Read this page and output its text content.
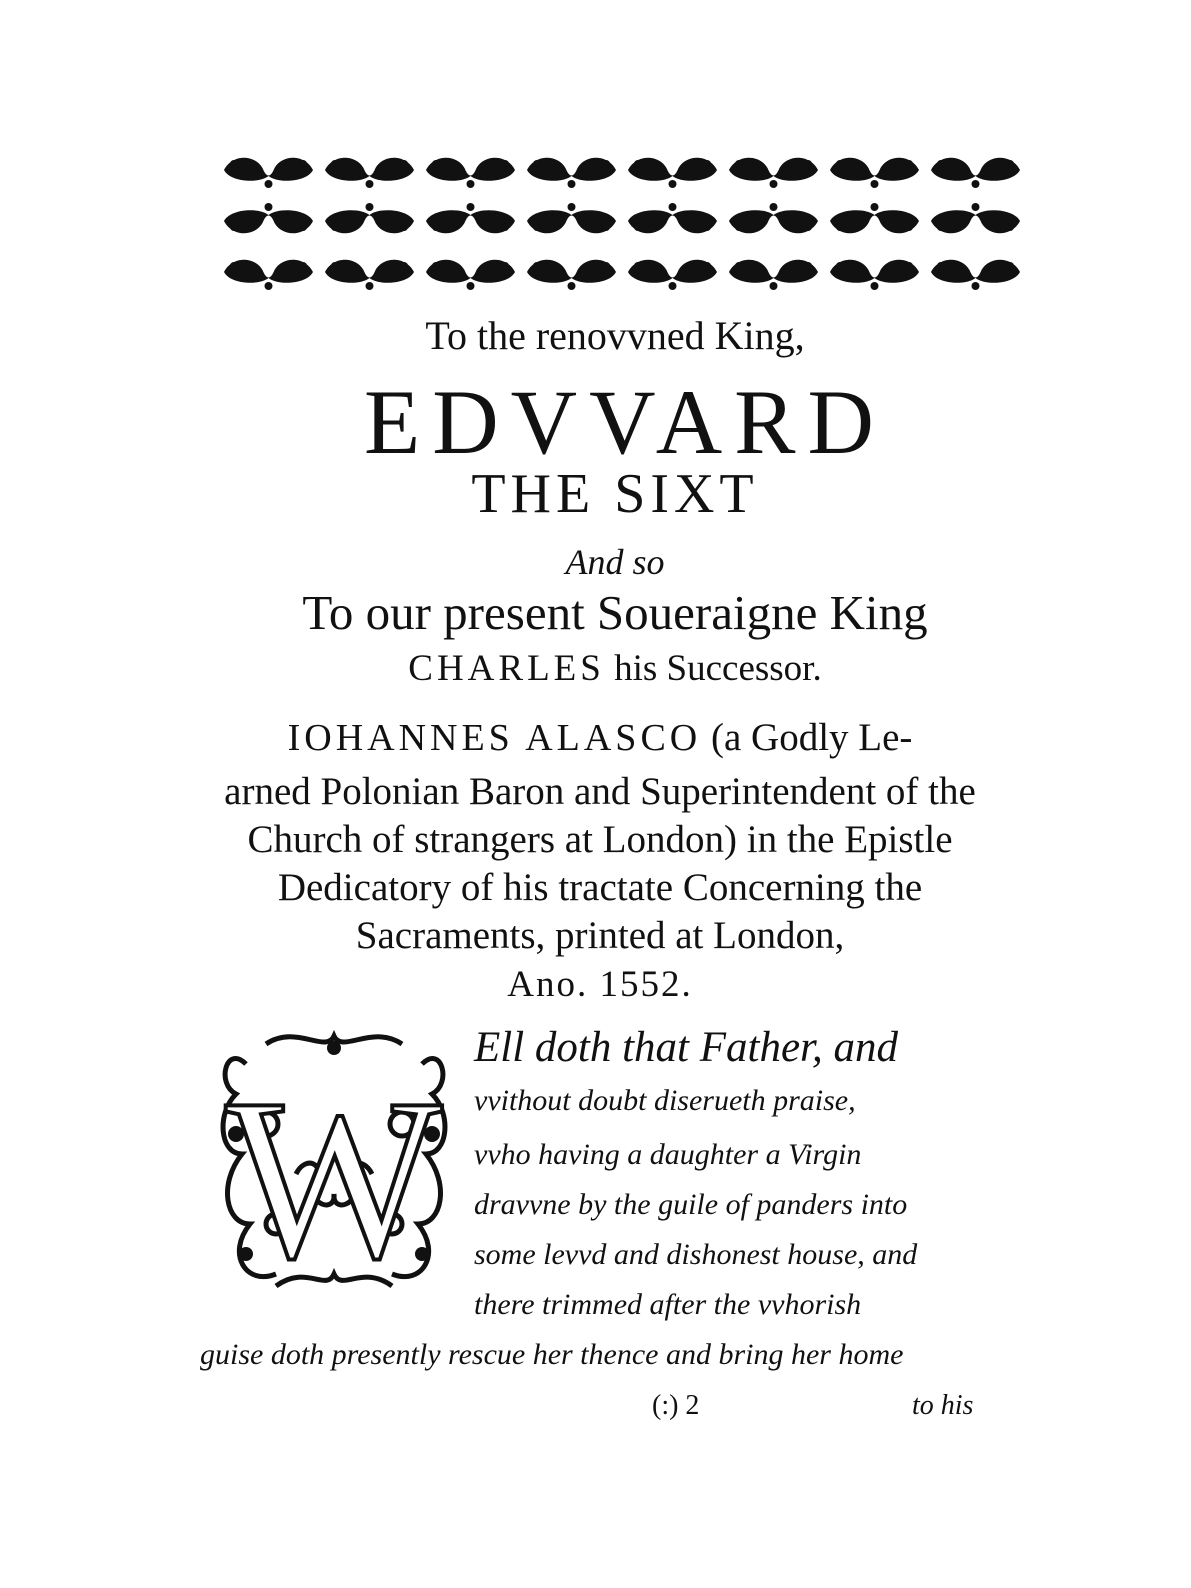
To the renovvned King,
EDVVARD
THE SIXT
And so
To our present Soueraigne King
CHARLES his Successor.
IOHANNES ALASCO (a Godly Le-
arned Polonian Baron and Superintendent of the
Church of strangers at London) in the Epistle
Dedicatory of his tractate Concerning the
Sacraments, printed at London,
Ano. 1552.
W
Ell doth that Father, and
vvithout doubt diserueth praise,
vvho having a daughter a Virgin
dravvne by the guile of panders into
some levvd and dishonest house, and
there trimmed after the vvhorish
guise doth presently rescue her thence and bring her home
(:) 2	to his
